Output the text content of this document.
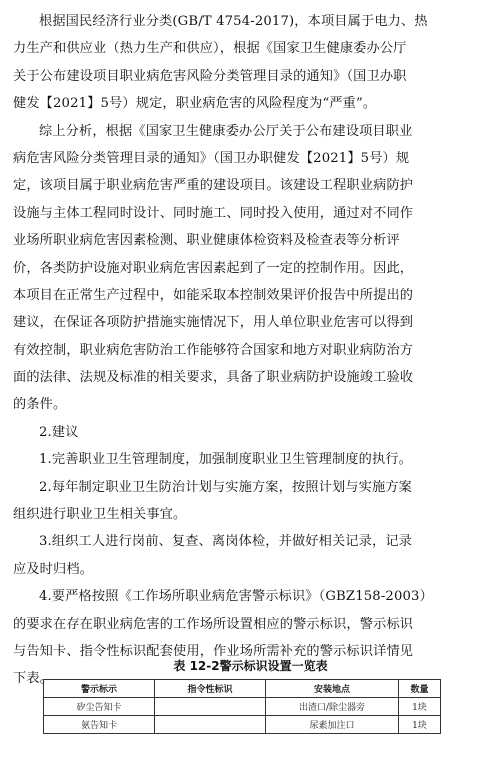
根据国民经济行业分类(GB/T 4754-2017)，本项目属于电力、热
力生产和供应业（热力生产和供应），根据《国家卫生健康委办公厅
关于公布建设项目职业病危害风险分类管理目录的通知》（国卫办职
健发【2021】5号）规定，职业病危害的风险程度为“严重”。
综上分析，根据《国家卫生健康委办公厅关于公布建设项目职业
病危害风险分类管理目录的通知》（国卫办职健发【2021】5号）规
定，该项目属于职业病危害严重的建设项目。该建设工程职业病防护
设施与主体工程同时设计、同时施工、同时投入使用，通过对不同作
业场所职业病危害因素检测、职业健康体检资料及检查表等分析评
价，各类防护设施对职业病危害因素起到了一定的控制作用。因此，
本项目在正常生产过程中，如能采取本控制效果评价报告中所提出的
建议，在保证各项防护措施实施情况下，用人单位职业危害可以得到
有效控制，职业病危害防治工作能够符合国家和地方对职业病防治方
面的法律、法规及标准的相关要求，具备了职业病防护设施竣工验收
的条件。
2.建议
1.完善职业卫生管理制度，加强制度职业卫生管理制度的执行。
2.每年制定职业卫生防治计划与实施方案，按照计划与实施方案
组织进行职业卫生相关事宜。
3.组织工人进行岗前、复查、离岗体检，并做好相关记录，记录
应及时归档。
4.要严格按照《工作场所职业病危害警示标识》（GBZ158-2003）
的要求在存在职业病危害的工作场所设置相应的警示标识，警示标识
与告知卡、指令性标识配套使用，作业场所需补充的警示标识详情见
下表。
表 12-2警示标识设置一览表
警示标示	指令性标识	安装地点	数量
矽尘告知卡		出渣口/除尘器旁	1块
氨告知卡		尿素加注口	1块
